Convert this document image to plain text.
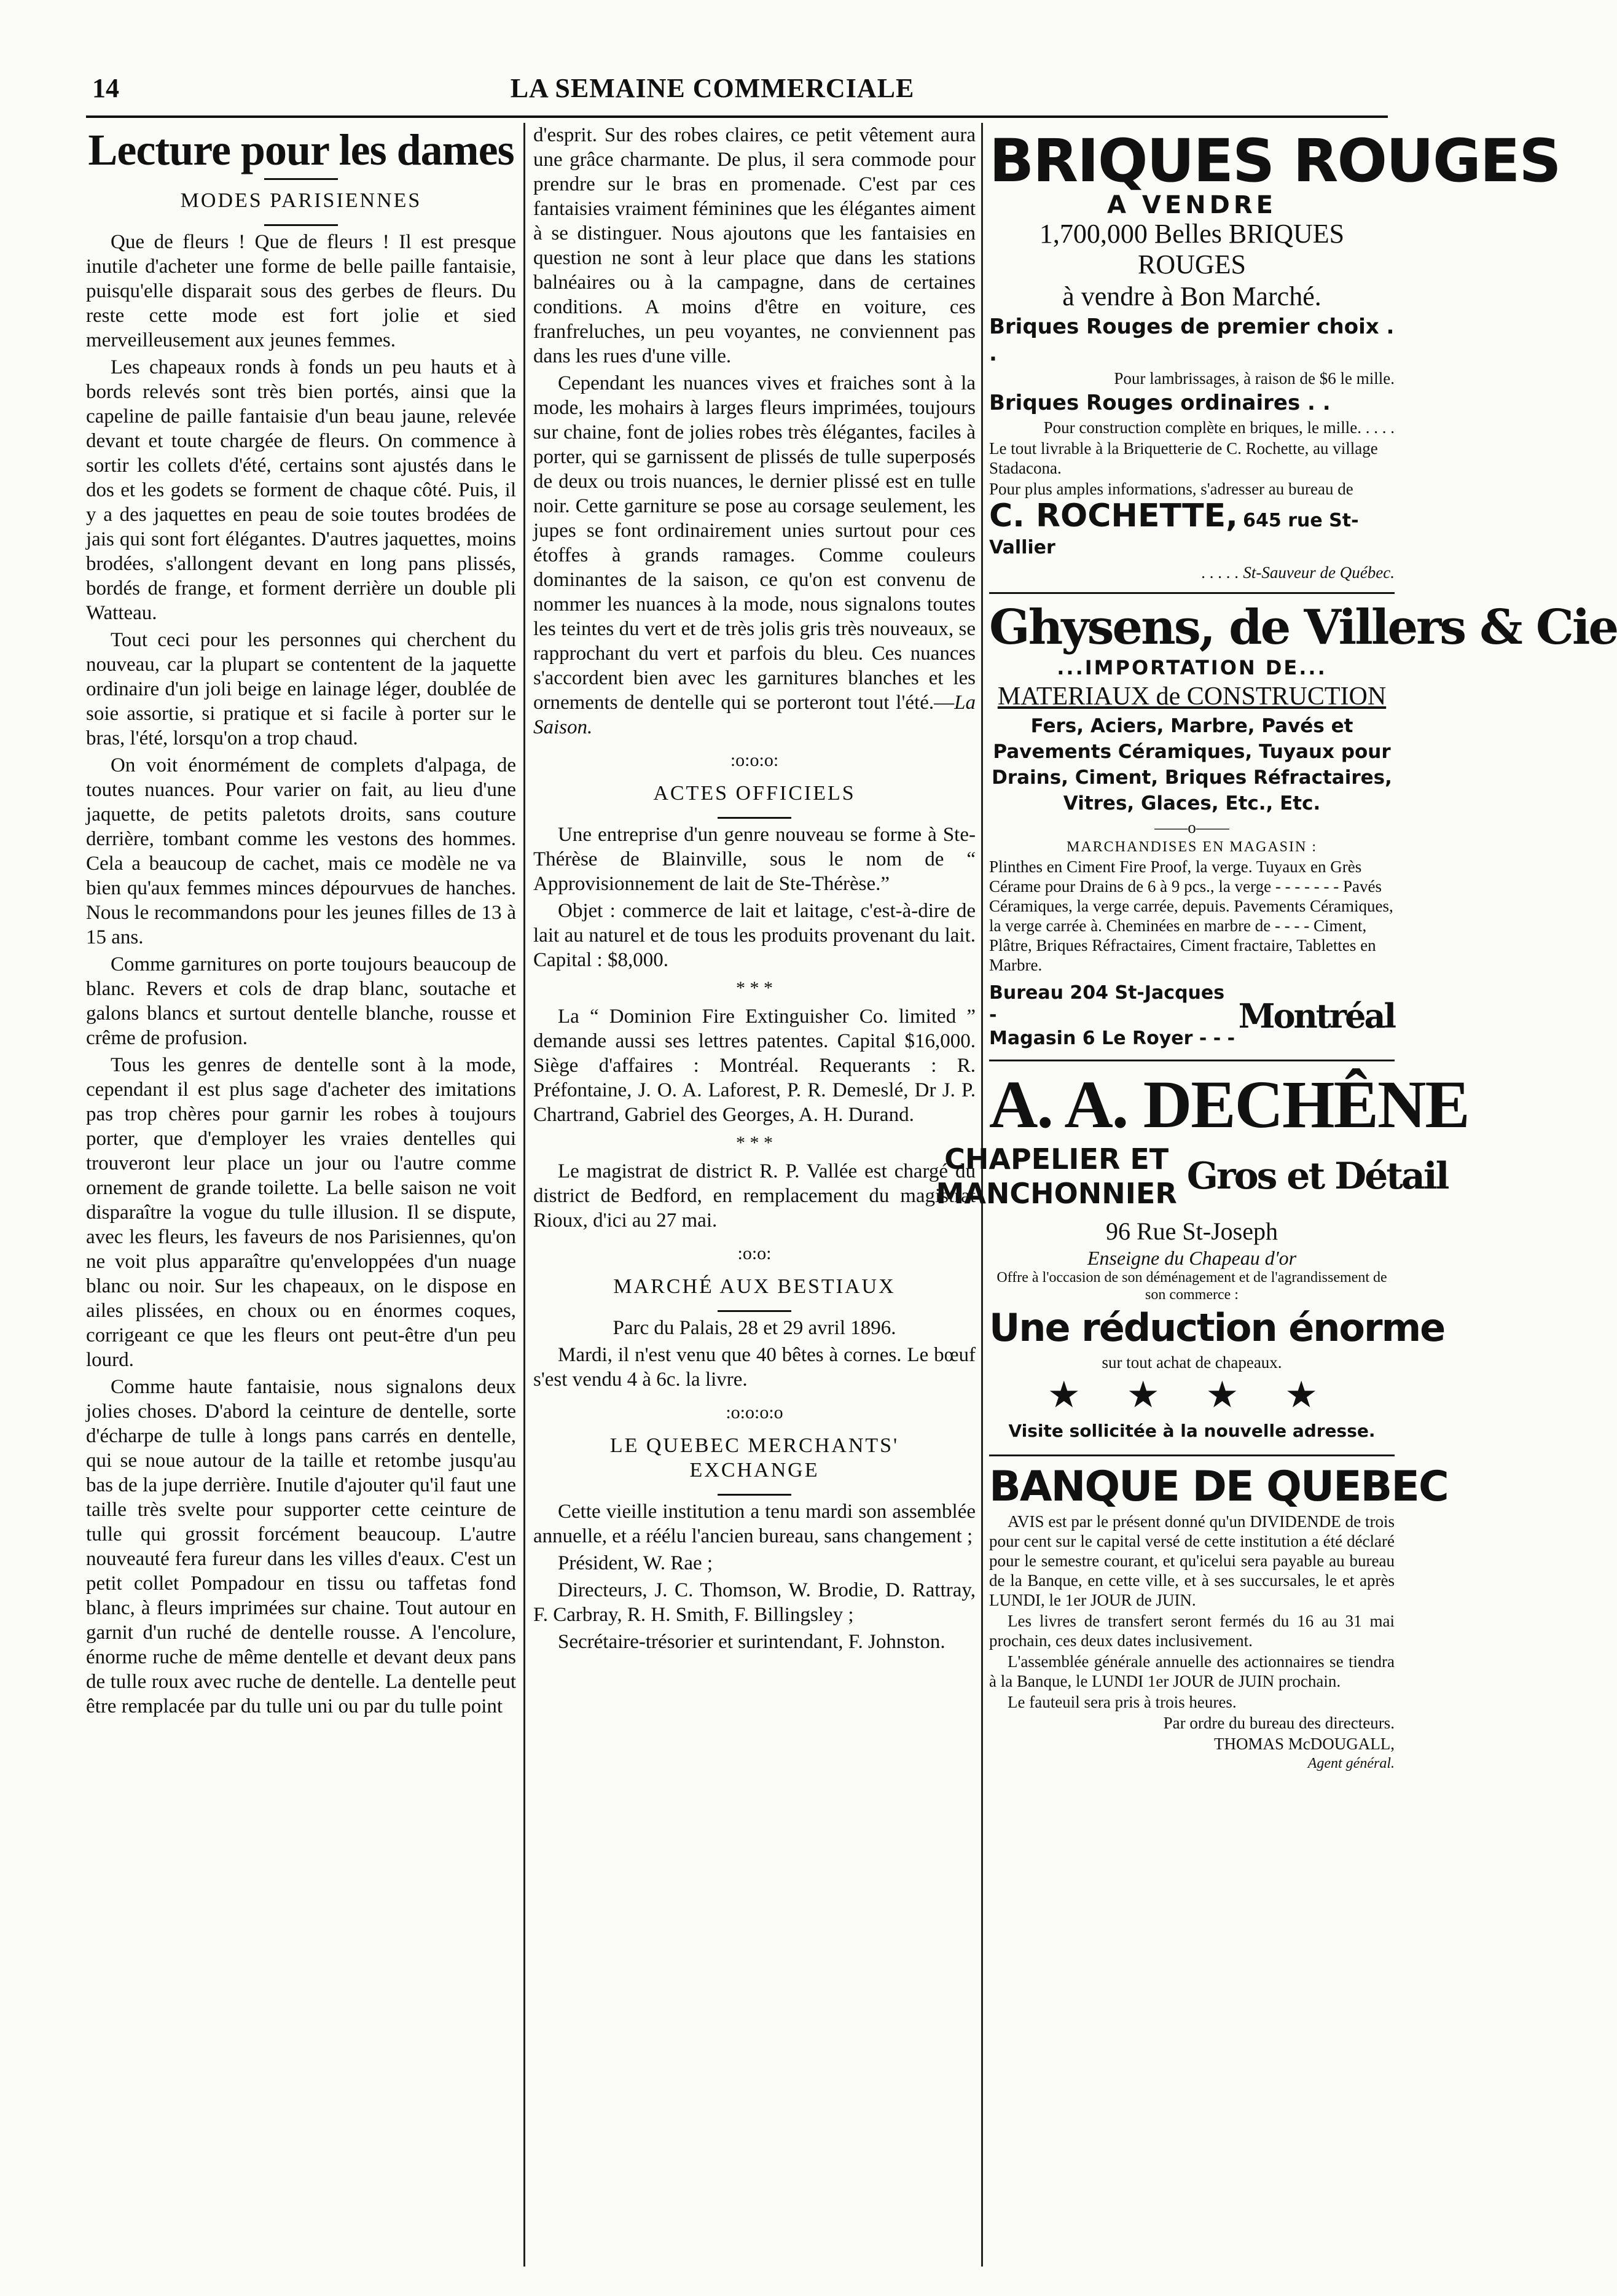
14	LA SEMAINE COMMERCIALE
Lecture pour les dames
MODES PARISIENNES

Que de fleurs ! Que de fleurs ! Il est presque inutile d'acheter une forme de belle paille fantaisie, puisqu'elle disparait sous des gerbes de fleurs. Du reste cette mode est fort jolie et sied merveilleusement aux jeunes femmes.

Les chapeaux ronds à fonds un peu hauts et à bords relevés sont très bien portés, ainsi que la capeline de paille fantaisie d'un beau jaune, relevée devant et toute chargée de fleurs. On commence à sortir les collets d'été, certains sont ajustés dans le dos et les godets se forment de chaque côté. Puis, il y a des jaquettes en peau de soie toutes brodées de jais qui sont fort élégantes. D'autres jaquettes, moins brodées, s'allongent devant en long pans plissés, bordés de frange, et forment derrière un double pli Watteau.

Tout ceci pour les personnes qui cherchent du nouveau, car la plupart se contentent de la jaquette ordinaire d'un joli beige en lainage léger, doublée de soie assortie, si pratique et si facile à porter sur le bras, l'été, lorsqu'on a trop chaud.

On voit énormément de complets d'alpaga, de toutes nuances. Pour varier on fait, au lieu d'une jaquette, de petits paletots droits, sans couture derrière, tombant comme les vestons des hommes. Cela a beaucoup de cachet, mais ce modèle ne va bien qu'aux femmes minces dépourvues de hanches. Nous le recommandons pour les jeunes filles de 13 à 15 ans.

Comme garnitures on porte toujours beaucoup de blanc. Revers et cols de drap blanc, soutache et galons blancs et surtout dentelle blanche, rousse et crême de profusion.

Tous les genres de dentelle sont à la mode, cependant il est plus sage d'acheter des imitations pas trop chères pour garnir les robes à toujours porter, que d'employer les vraies dentelles qui trouveront leur place un jour ou l'autre comme ornement de grande toilette. La belle saison ne voit disparaître la vogue du tulle illusion. Il se dispute, avec les fleurs, les faveurs de nos Parisiennes, qu'on ne voit plus apparaître qu'enveloppées d'un nuage blanc ou noir. Sur les chapeaux, on le dispose en ailes plissées, en choux ou en énormes coques, corrigeant ce que les fleurs ont peut-être d'un peu lourd.

Comme haute fantaisie, nous signalons deux jolies choses. D'abord la ceinture de dentelle, sorte d'écharpe de tulle à longs pans carrés en dentelle, qui se noue autour de la taille et retombe jusqu'au bas de la jupe derrière. Inutile d'ajouter qu'il faut une taille très svelte pour supporter cette ceinture de tulle qui grossit forcément beaucoup. L'autre nouveauté fera fureur dans les villes d'eaux. C'est un petit collet Pompadour en tissu ou taffetas fond blanc, à fleurs imprimées sur chaine. Tout autour en garnit d'un ruché de dentelle rousse. A l'encolure, énorme ruche de même dentelle et devant deux pans de tulle roux avec ruche de dentelle. La dentelle peut être remplacée par du tulle uni ou par du tulle point

d'esprit. Sur des robes claires, ce petit vêtement aura une grâce charmante. De plus, il sera commode pour prendre sur le bras en promenade. C'est par ces fantaisies vraiment féminines que les élégantes aiment à se distinguer. Nous ajoutons que les fantaisies en question ne sont à leur place que dans les stations balnéaires ou à la campagne, dans de certaines conditions. A moins d'être en voiture, ces franfreluches, un peu voyantes, ne conviennent pas dans les rues d'une ville.

Cependant les nuances vives et fraiches sont à la mode, les mohairs à larges fleurs imprimées, toujours sur chaine, font de jolies robes très élégantes, faciles à porter, qui se garnissent de plissés de tulle superposés de deux ou trois nuances, le dernier plissé est en tulle noir. Cette garniture se pose au corsage seulement, les jupes se font ordinairement unies surtout pour ces étoffes à grands ramages. Comme couleurs dominantes de la saison, ce qu'on est convenu de nommer les nuances à la mode, nous signalons toutes les teintes du vert et de très jolis gris très nouveaux, se rapprochant du vert et parfois du bleu. Ces nuances s'accordent bien avec les garnitures blanches et les ornements de dentelle qui se porteront tout l'été.—La Saison.

:o:o:o:
ACTES OFFICIELS

Une entreprise d'un genre nouveau se forme à Ste-Thérèse de Blainville, sous le nom de “ Approvisionnement de lait de Ste-Thérèse.”

Objet : commerce de lait et laitage, c'est-à-dire de lait au naturel et de tous les produits provenant du lait. Capital : $8,000.

* * *

La “ Dominion Fire Extinguisher Co. limited ” demande aussi ses lettres patentes. Capital $16,000. Siège d'affaires : Montréal. Requerants : R. Préfontaine, J. O. A. Laforest, P. R. Demeslé, Dr J. P. Chartrand, Gabriel des Georges, A. H. Durand.

* * *

Le magistrat de district R. P. Vallée est chargé du district de Bedford, en remplacement du magistrat Rioux, d'ici au 27 mai.

:o:o:
MARCHÉ AUX BESTIAUX

Parc du Palais, 28 et 29 avril 1896.

Mardi, il n'est venu que 40 bêtes à cornes. Le bœuf s'est vendu 4 à 6c. la livre.

:o:o:o:o
LE QUEBEC MERCHANTS'
EXCHANGE

Cette vieille institution a tenu mardi son assemblée annuelle, et a réélu l'ancien bureau, sans changement ;

Président, W. Rae ;

Directeurs, J. C. Thomson, W. Brodie, D. Rattray, F. Carbray, R. H. Smith, F. Billingsley ;

Secrétaire-trésorier et surintendant, F. Johnston.

BRIQUES ROUGES

A VENDRE

1,700,000 Belles BRIQUES ROUGES

à vendre à Bon Marché.

Briques Rouges de premier choix . .

Pour lambrissages, à raison de $6 le mille.

Briques Rouges ordinaires . .

Pour construction complète en briques, le mille. . . . .

Le tout livrable à la Briquetterie de C. Rochette, au village Stadacona.

Pour plus amples informations, s'adresser au bureau de

C. ROCHETTE, 645 rue St-Vallier

. . . . . St-Sauveur de Québec.

Ghysens, de Villers & Cie

...IMPORTATION DE...

MATERIAUX de CONSTRUCTION

Fers, Aciers, Marbre, Pavés et Pavements Céramiques, Tuyaux pour Drains, Ciment, Briques Réfractaires, Vitres, Glaces, Etc., Etc.

——o——

MARCHANDISES EN MAGASIN :

Plinthes en Ciment Fire Proof, la verge. Tuyaux en Grès Cérame pour Drains de 6 à 9 pcs., la verge - - - - - - - Pavés Céramiques, la verge carrée, depuis. Pavements Céramiques, la verge carrée à. Cheminées en marbre de - - - - Ciment, Plâtre, Briques Réfractaires, Ciment fractaire, Tablettes en Marbre.

Bureau 204 St-Jacques -

Magasin 6 Le Royer - - -

Montréal

A. A. DECHÊNE

CHAPELIER ET

MANCHONNIER Gros et Détail

96 Rue St-Joseph

Enseigne du Chapeau d'or

Offre à l'occasion de son déménagement et de l'agrandissement de son commerce :

Une réduction énorme

sur tout achat de chapeaux.

★ ★ ★ ★

Visite sollicitée à la nouvelle adresse.

BANQUE DE QUEBEC

AVIS est par le présent donné qu'un DIVIDENDE de trois pour cent sur le capital versé de cette institution a été déclaré pour le semestre courant, et qu'icelui sera payable au bureau de la Banque, en cette ville, et à ses succursales, le et après LUNDI, le 1er JOUR de JUIN.

Les livres de transfert seront fermés du 16 au 31 mai prochain, ces deux dates inclusivement.

L'assemblée générale annuelle des actionnaires se tiendra à la Banque, le LUNDI 1er JOUR de JUIN prochain.

Le fauteuil sera pris à trois heures.

Par ordre du bureau des directeurs.

THOMAS McDOUGALL,

Agent général.
